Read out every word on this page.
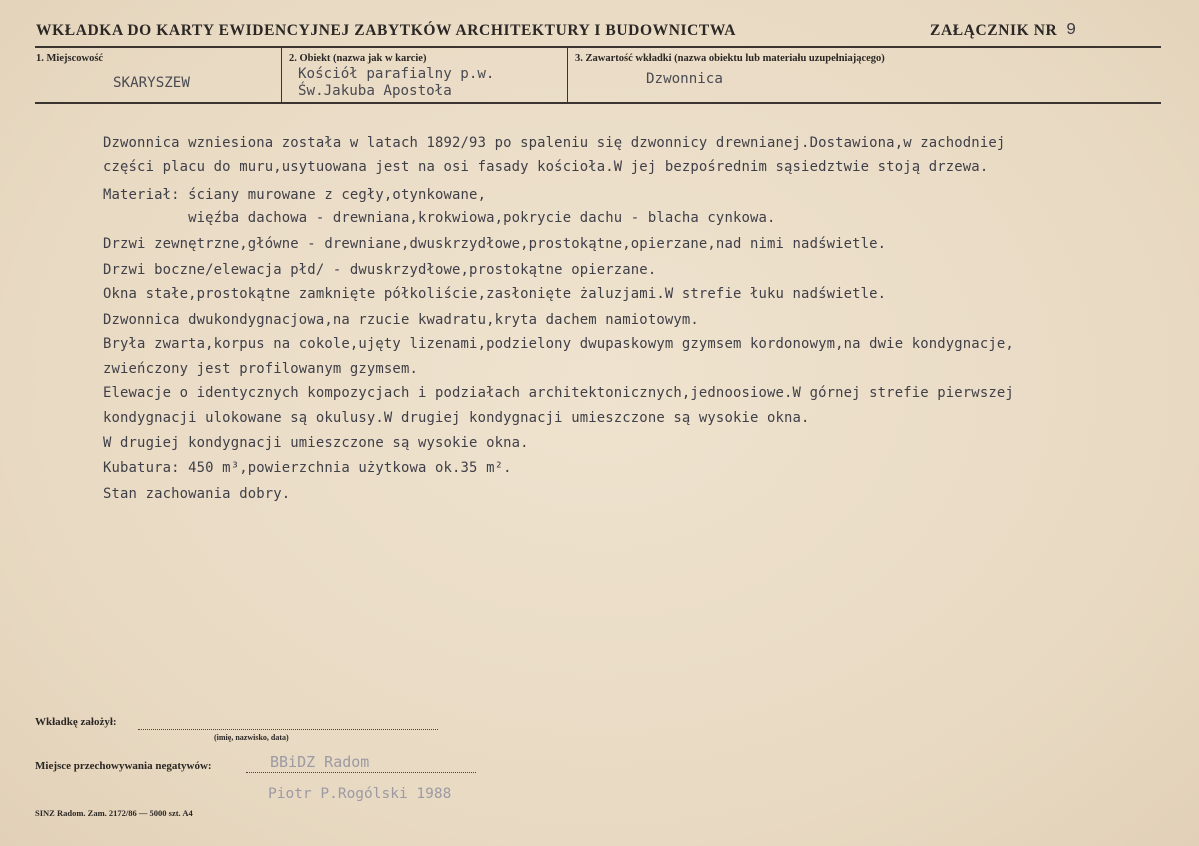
WKŁADKA DO KARTY EWIDENCYJNEJ ZABYTKÓW ARCHITEKTURY I BUDOWNICTWA	ZAŁĄCZNIK NR 9
1. Miejscowość
SKARYSZEW
2. Obiekt (nazwa jak w karcie)
Kościół parafialny p.w.
Św.Jakuba Apostoła
3. Zawartość wkładki (nazwa obiektu lub materiału uzupełniającego)
Dzwonnica
Dzwonnica wzniesiona została w latach 1892/93 po spaleniu się dzwonnicy drewnianej.Dostawiona,w zachodniej
części placu do muru,usytuowana jest na osi fasady kościoła.W jej bezpośrednim sąsiedztwie stoją drzewa.
Materiał: ściany murowane z cegły,otynkowane,
więźba dachowa - drewniana,krokwiowa,pokrycie dachu - blacha cynkowa.
Drzwi zewnętrzne,główne - drewniane,dwuskrzydłowe,prostokątne,opierzane,nad nimi nadświetle.
Drzwi boczne/elewacja płd/ - dwuskrzydłowe,prostokątne opierzane.
Okna stałe,prostokątne zamknięte półkoliście,zasłonięte żaluzjami.W strefie łuku nadświetle.
Dzwonnica dwukondygnacjowa,na rzucie kwadratu,kryta dachem namiotowym.
Bryła zwarta,korpus na cokole,ujęty lizenami,podzielony dwupaskowym gzymsem kordonowym,na dwie kondygnacje,
zwieńczony jest profilowanym gzymsem.
Elewacje o identycznych kompozycjach i podziałach architektonicznych,jednoosiowe.W górnej strefie pierwszej
kondygnacji ulokowane są okulusy.W drugiej kondygnacji umieszczone są wysokie okna.
W drugiej kondygnacji umieszczone są wysokie okna.
Kubatura: 450 m³,powierzchnia użytkowa ok.35 m².
Stan zachowania dobry.
Wkładkę założył:
(imię, nazwisko, data)
Miejsce przechowywania negatywów:	BBiDZ Radom
Piotr P.Rogólski 1988
SINZ Radom. Zam. 2172/86 — 5000 szt. A4
